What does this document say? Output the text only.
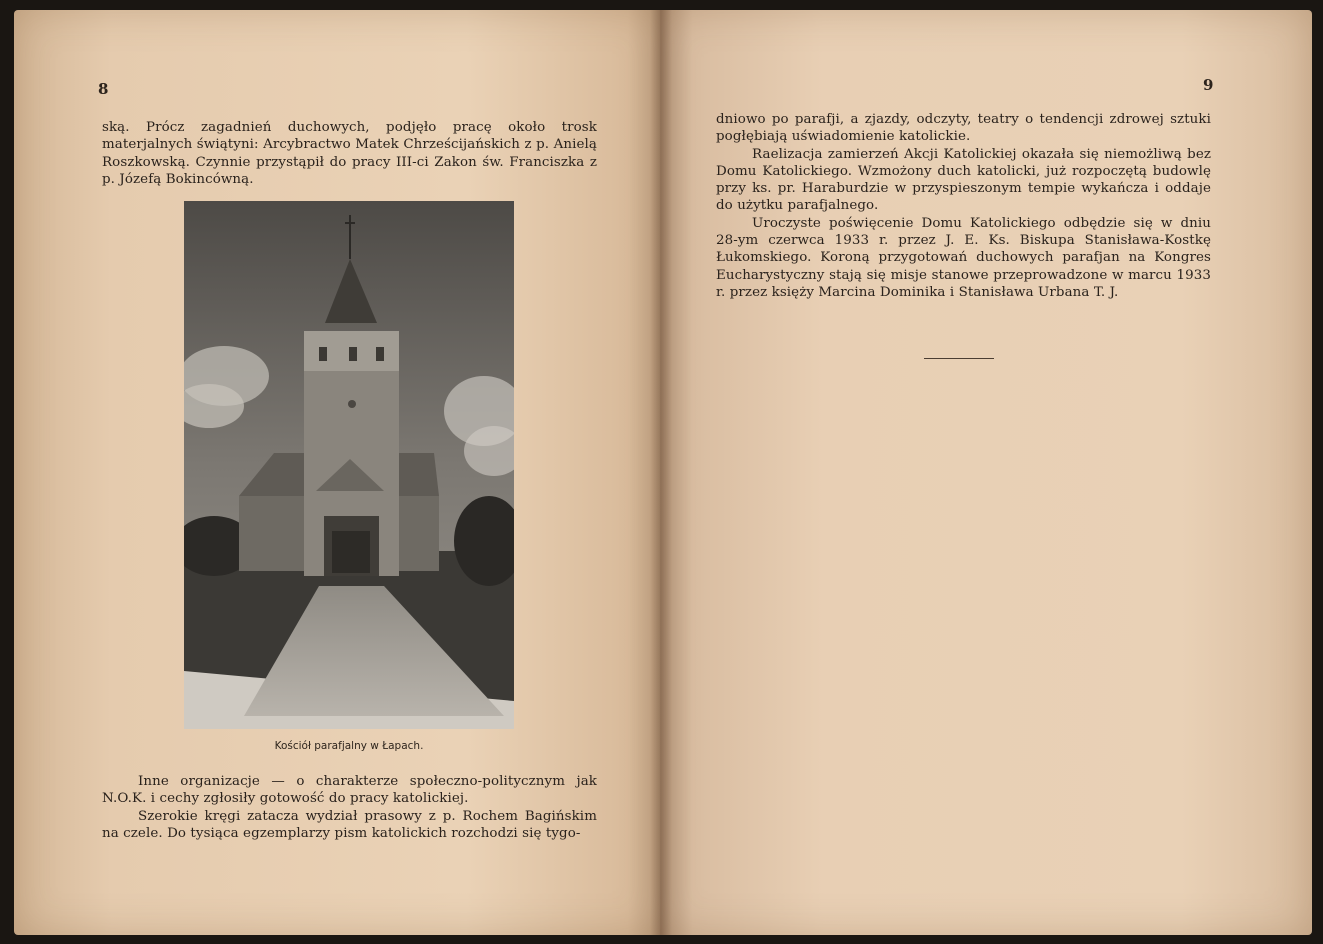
8

ską. Prócz zagadnień duchowych, podjęło pracę około trosk materjalnych świątyni: Arcybractwo Matek Chrześcijańskich z p. Anielą Roszkowską. Czynnie przystąpił do pracy III-ci Zakon św. Franciszka z p. Józefą Bokincówną.

Kościół parafjalny w Łapach.

Inne organizacje — o charakterze społeczno-politycznym jak N.O.K. i cechy zgłosiły gotowość do pracy katolickiej.

Szerokie kręgi zatacza wydział prasowy z p. Rochem Bagińskim na czele. Do tysiąca egzemplarzy pism katolickich rozchodzi się tygo-

9

dniowo po parafji, a zjazdy, odczyty, teatry o tendencji zdrowej sztuki pogłębiają uświadomienie katolickie.

Raelizacja zamierzeń Akcji Katolickiej okazała się niemożliwą bez Domu Katolickiego. Wzmożony duch katolicki, już rozpoczętą budowlę przy ks. pr. Haraburdzie w przyspieszonym tempie wykańcza i oddaje do użytku parafjalnego.

Uroczyste poświęcenie Domu Katolickiego odbędzie się w dniu 28-ym czerwca 1933 r. przez J. E. Ks. Biskupa Stanisława-Kostkę Łukomskiego. Koroną przygotowań duchowych parafjan na Kongres Eucharystyczny stają się misje stanowe przeprowadzone w marcu 1933 r. przez księży Marcina Dominika i Stanisława Urbana T. J.
